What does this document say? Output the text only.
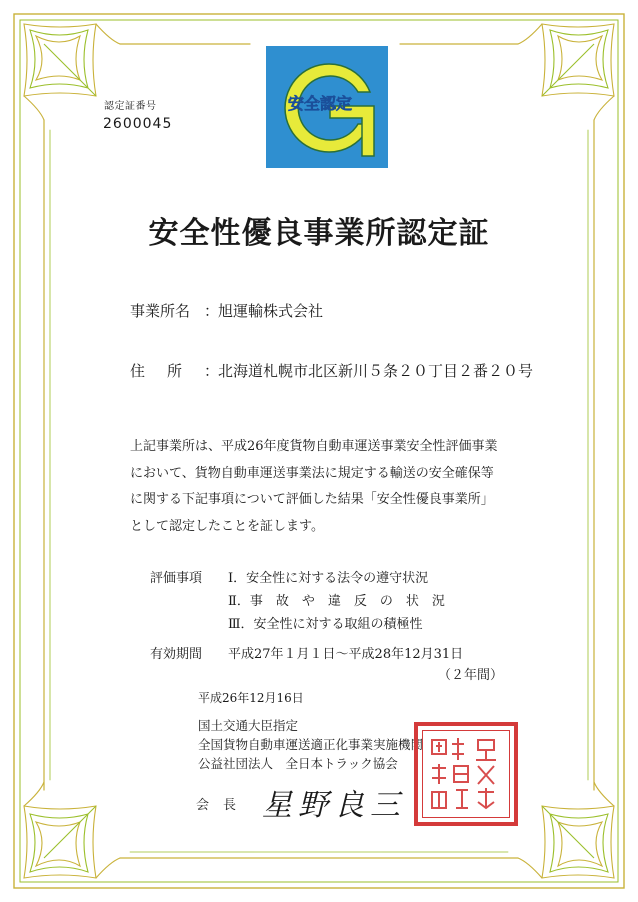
認定証番号
2600045
安全認定
安全性優良事業所認定証
事業所名 ：旭運輸株式会社
住所：北海道札幌市北区新川５条２０丁目２番２０号
上記事業所は、平成26年度貨物自動車運送事業安全性評価事業
において、貨物自動車運送事業法に規定する輸送の安全確保等
に関する下記事項について評価した結果「安全性優良事業所」
として認定したことを証します。
評価事項 Ⅰ．安全性に対する法令の遵守状況
Ⅱ．事　故　や　違　反　の　状　況
Ⅲ．安全性に対する取組の積極性
有効期間 平成27年１月１日～平成28年12月31日
（２年間）
平成26年12月16日
国土交通大臣指定
全国貨物自動車運送適正化事業実施機関
公益社団法人　全日本トラック協会
会長 星野良三
